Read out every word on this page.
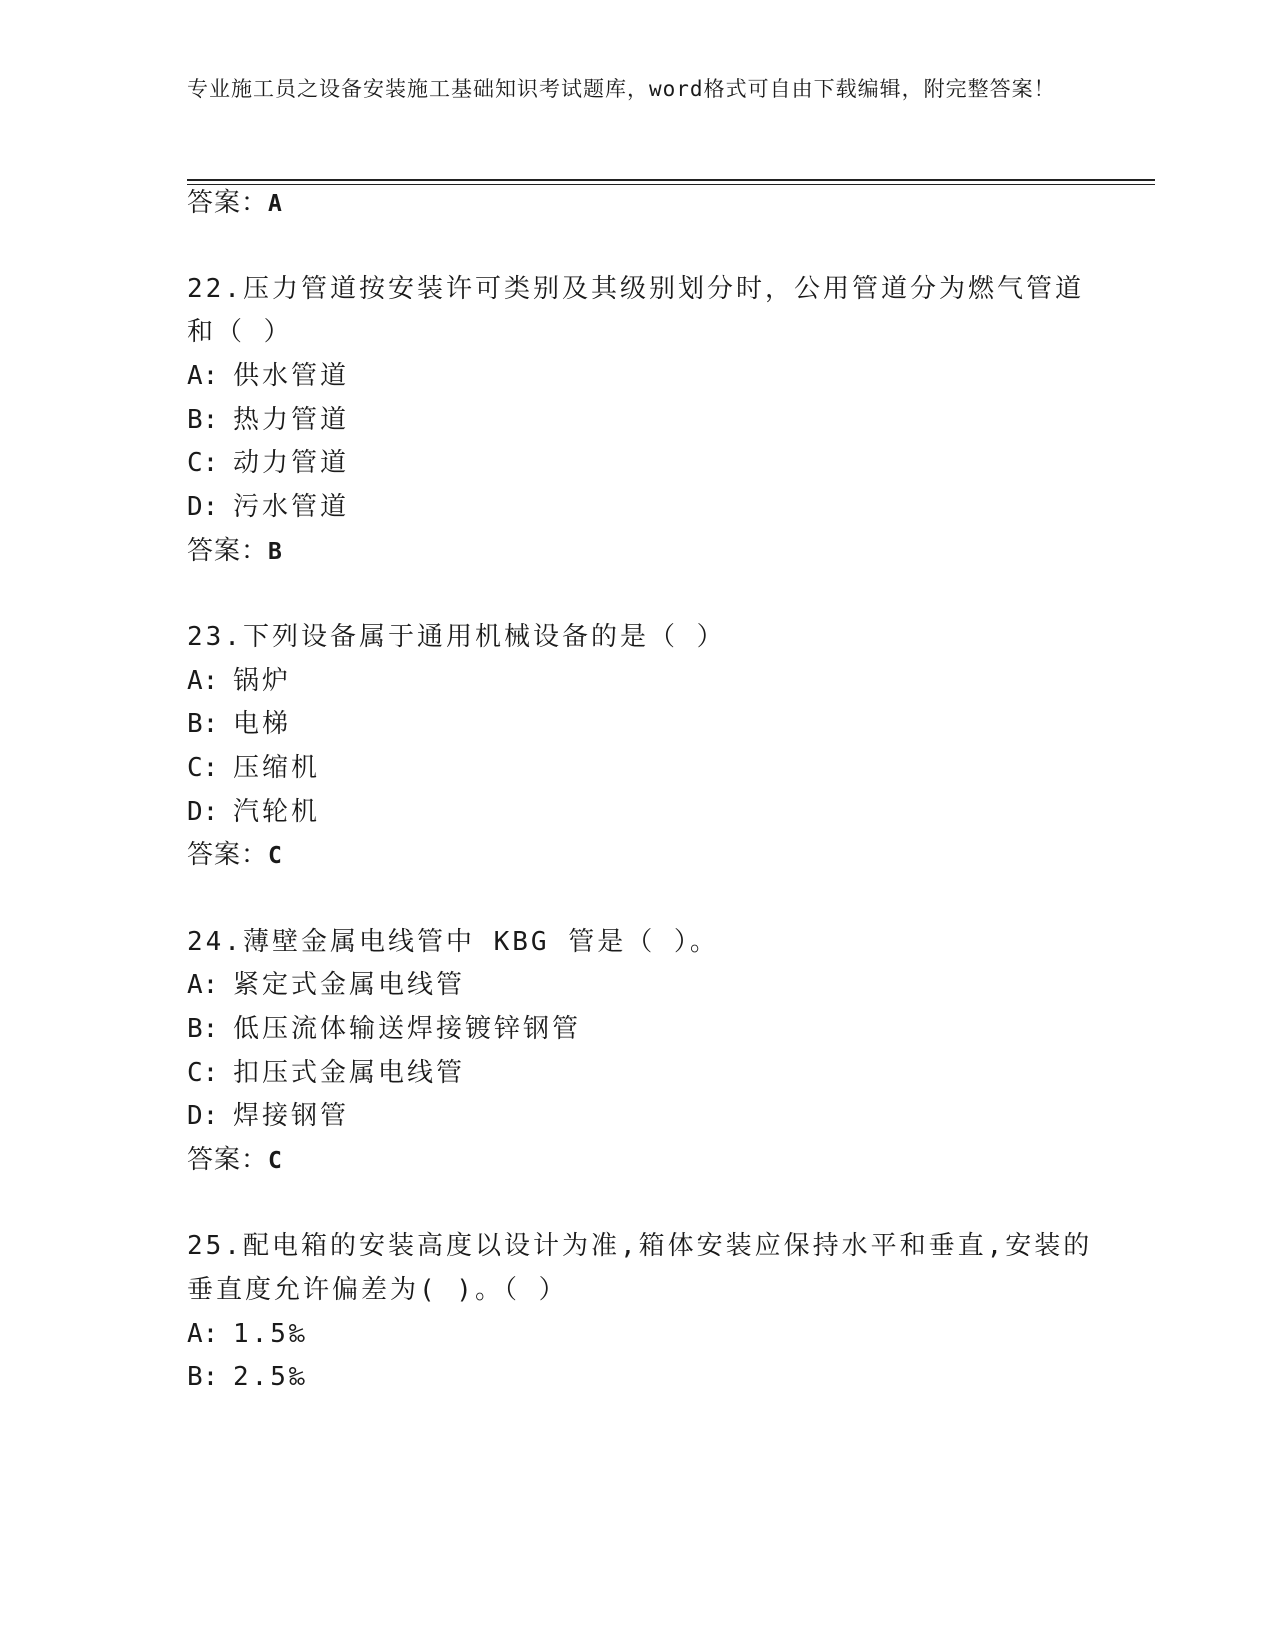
专业施工员之设备安装施工基础知识考试题库，word格式可自由下载编辑，附完整答案！
答案：A
22.压力管道按安装许可类别及其级别划分时，公用管道分为燃气管道
和（ ）
A: 供水管道
B: 热力管道
C: 动力管道
D: 污水管道
答案：B
23.下列设备属于通用机械设备的是（ ）
A: 锅炉
B: 电梯
C: 压缩机
D: 汽轮机
答案：C
24.薄壁金属电线管中 KBG 管是（ ）。
A: 紧定式金属电线管
B: 低压流体输送焊接镀锌钢管
C: 扣压式金属电线管
D: 焊接钢管
答案：C
25.配电箱的安装高度以设计为准,箱体安装应保持水平和垂直,安装的
垂直度允许偏差为( )。（ ）
A: 1.5‰
B: 2.5‰
